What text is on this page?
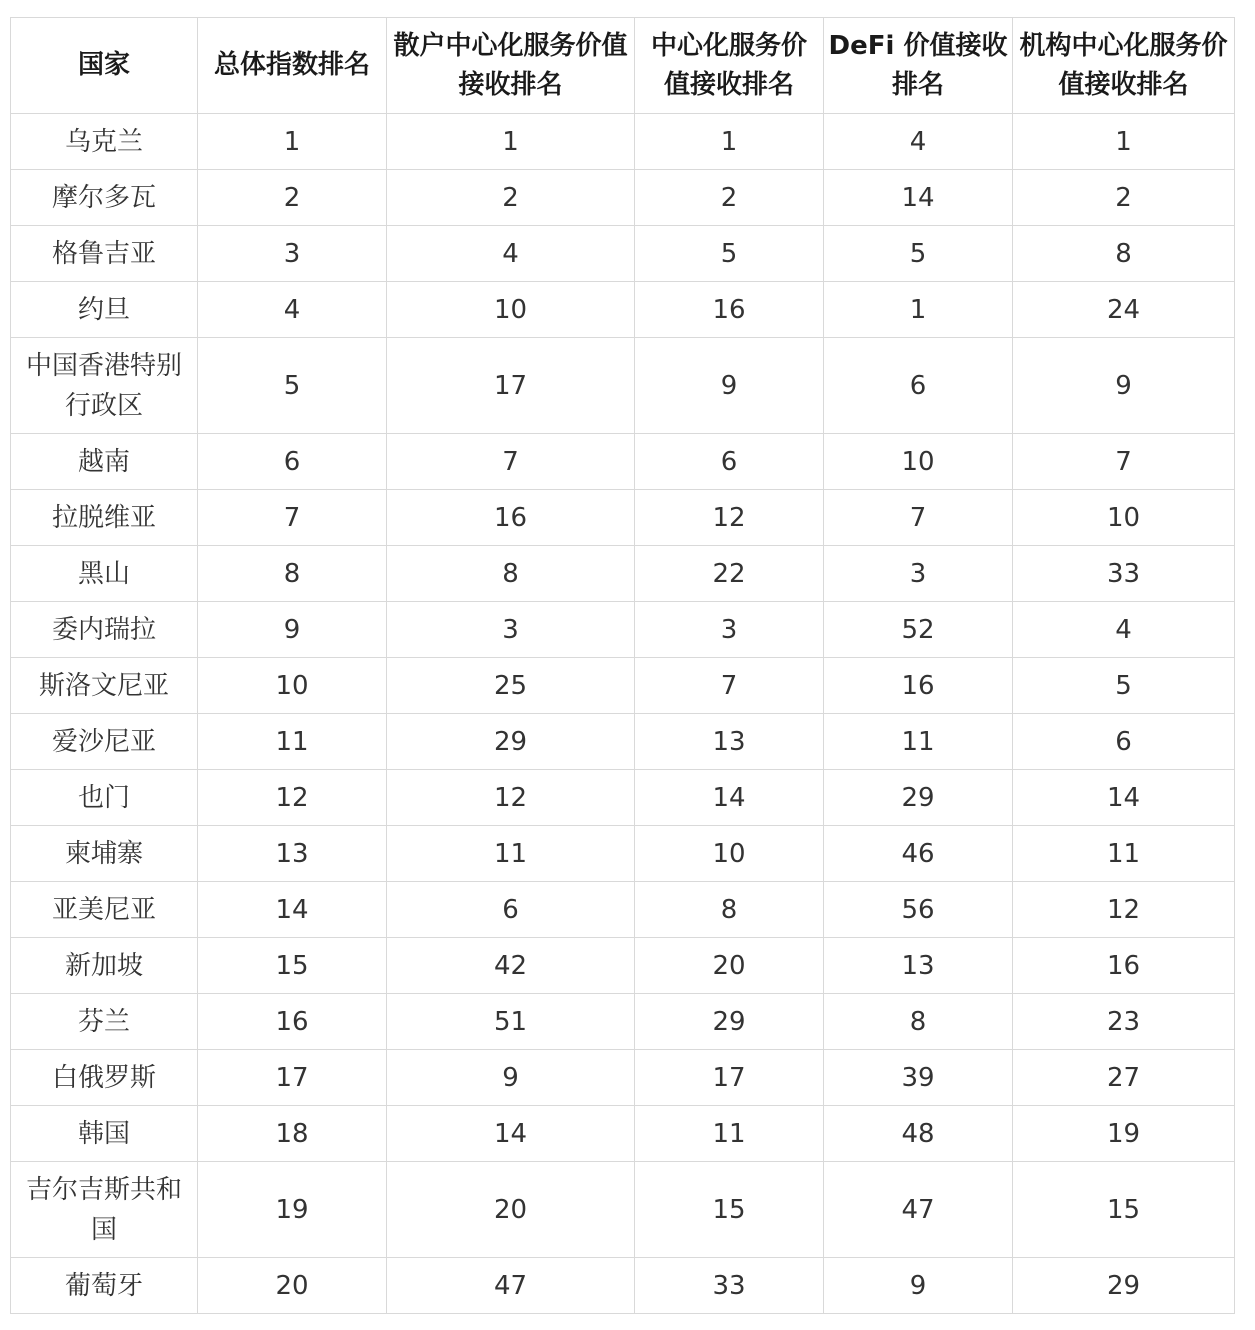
国家	总体指数排名	散户中心化服务价值接收排名	中心化服务价值接收排名	DeFi 价值接收排名	机构中心化服务价值接收排名
乌克兰	1	1	1	4	1
摩尔多瓦	2	2	2	14	2
格鲁吉亚	3	4	5	5	8
约旦	4	10	16	1	24
中国香港特别行政区	5	17	9	6	9
越南	6	7	6	10	7
拉脱维亚	7	16	12	7	10
黑山	8	8	22	3	33
委内瑞拉	9	3	3	52	4
斯洛文尼亚	10	25	7	16	5
爱沙尼亚	11	29	13	11	6
也门	12	12	14	29	14
柬埔寨	13	11	10	46	11
亚美尼亚	14	6	8	56	12
新加坡	15	42	20	13	16
芬兰	16	51	29	8	23
白俄罗斯	17	9	17	39	27
韩国	18	14	11	48	19
吉尔吉斯共和国	19	20	15	47	15
葡萄牙	20	47	33	9	29
